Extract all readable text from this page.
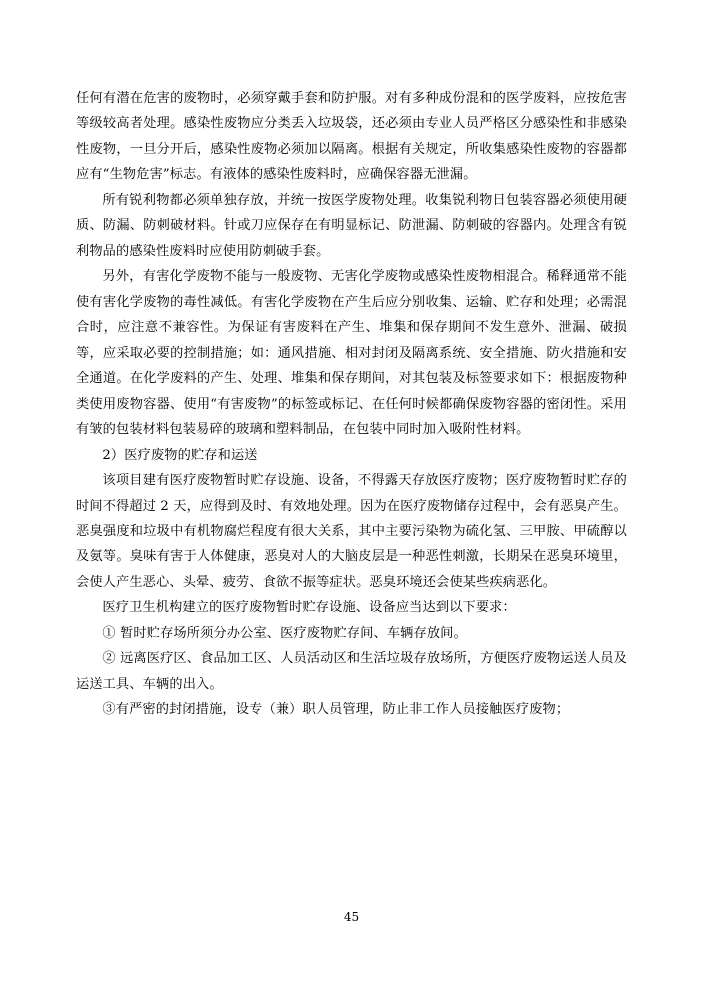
任何有潜在危害的废物时，必须穿戴手套和防护服。对有多种成份混和的医学废料，应按危害等级较高者处理。感染性废物应分类丢入垃圾袋，还必须由专业人员严格区分感染性和非感染性废物，一旦分开后，感染性废物必须加以隔离。根据有关规定，所收集感染性废物的容器都应有“生物危害”标志。有液体的感染性废料时，应确保容器无泄漏。

所有锐利物都必须单独存放，并统一按医学废物处理。收集锐利物日包装容器必须使用硬质、防漏、防刺破材料。针或刀应保存在有明显标记、防泄漏、防刺破的容器内。处理含有锐利物品的感染性废料时应使用防刺破手套。

另外，有害化学废物不能与一般废物、无害化学废物或感染性废物相混合。稀释通常不能使有害化学废物的毒性减低。有害化学废物在产生后应分别收集、运输、贮存和处理；必需混合时，应注意不兼容性。为保证有害废料在产生、堆集和保存期间不发生意外、泄漏、破损等，应采取必要的控制措施；如：通风措施、相对封闭及隔离系统、安全措施、防火措施和安全通道。在化学废料的产生、处理、堆集和保存期间，对其包装及标签要求如下：根据废物种类使用废物容器、使用“有害废物”的标签或标记、在任何时候都确保废物容器的密闭性。采用有皱的包装材料包装易碎的玻璃和塑料制品，在包装中同时加入吸附性材料。

2）医疗废物的贮存和运送

该项目建有医疗废物暂时贮存设施、设备，不得露天存放医疗废物；医疗废物暂时贮存的时间不得超过 2 天，应得到及时、有效地处理。因为在医疗废物储存过程中，会有恶臭产生。恶臭强度和垃圾中有机物腐烂程度有很大关系，其中主要污染物为硫化氢、三甲胺、甲硫醇以及氨等。臭味有害于人体健康，恶臭对人的大脑皮层是一种恶性刺激，长期呆在恶臭环境里，会使人产生恶心、头晕、疲劳、食欲不振等症状。恶臭环境还会使某些疾病恶化。

医疗卫生机构建立的医疗废物暂时贮存设施、设备应当达到以下要求：

① 暂时贮存场所须分办公室、医疗废物贮存间、车辆存放间。

② 远离医疗区、食品加工区、人员活动区和生活垃圾存放场所，方便医疗废物运送人员及运送工具、车辆的出入。

③有严密的封闭措施，设专（兼）职人员管理，防止非工作人员接触医疗废物；

45
